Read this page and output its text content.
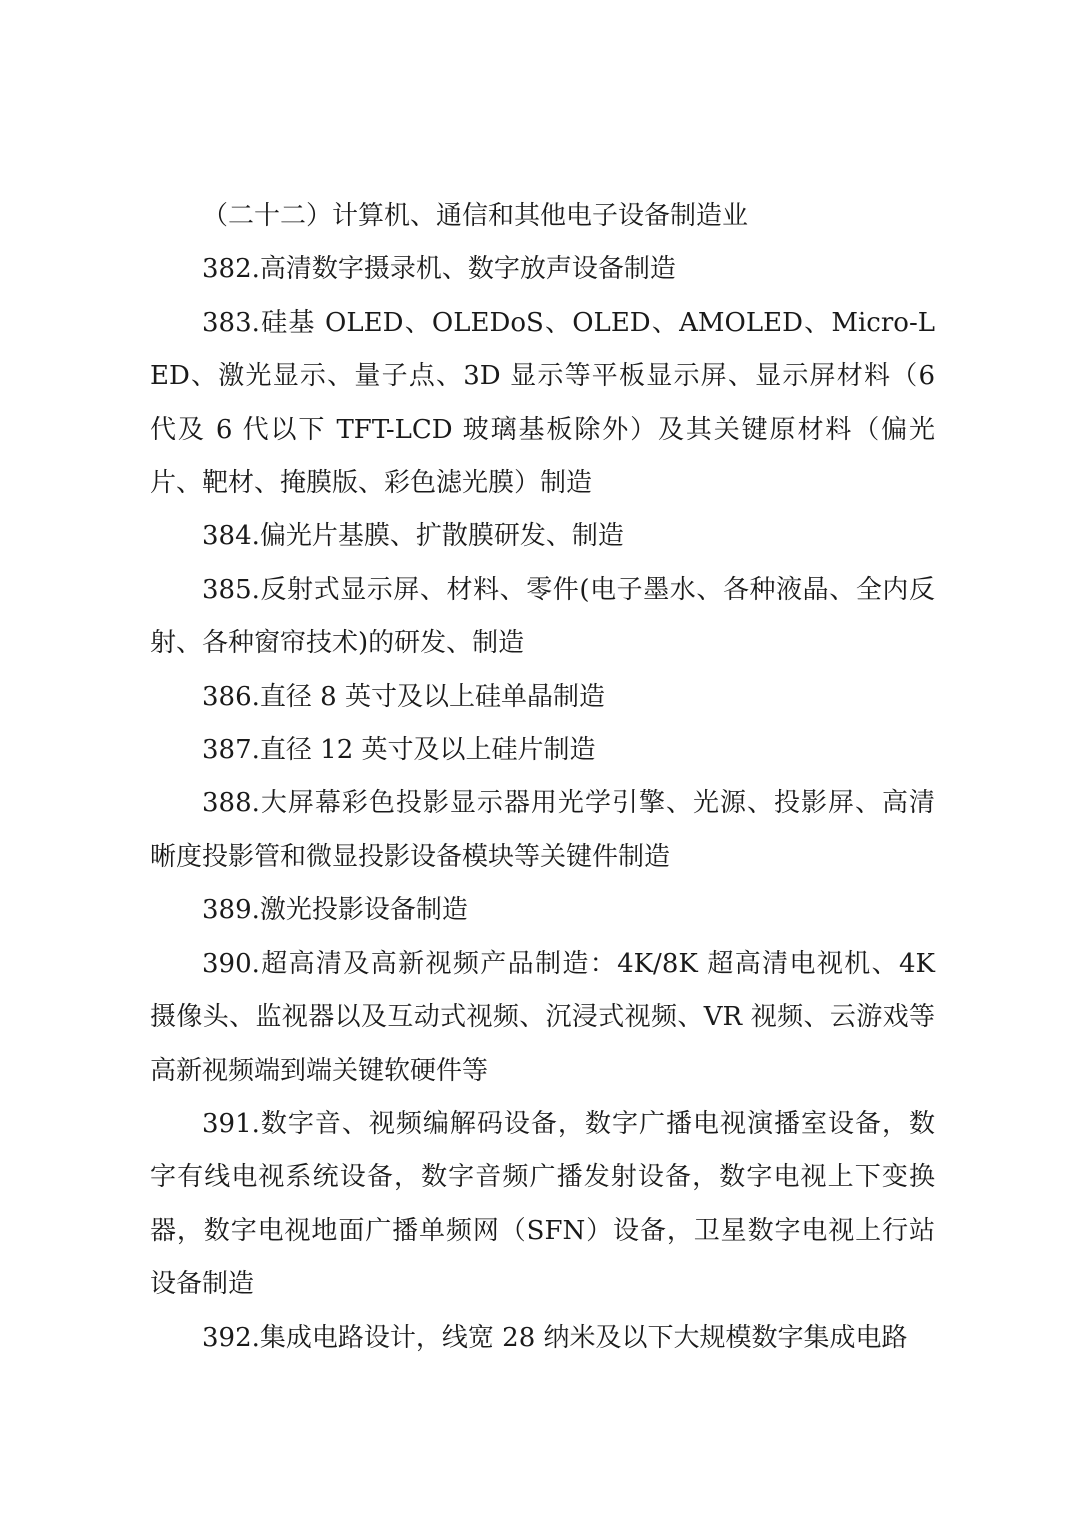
（二十二）计算机、通信和其他电子设备制造业

382.高清数字摄录机、数字放声设备制造

383.硅基 OLED、OLEDoS、OLED、AMOLED、Micro-LED、激光显示、量子点、3D 显示等平板显示屏、显示屏材料（6 代及 6 代以下 TFT-LCD 玻璃基板除外）及其关键原材料（偏光片、靶材、掩膜版、彩色滤光膜）制造

384.偏光片基膜、扩散膜研发、制造

385.反射式显示屏、材料、零件(电子墨水、各种液晶、全内反射、各种窗帘技术)的研发、制造

386.直径 8 英寸及以上硅单晶制造

387.直径 12 英寸及以上硅片制造

388.大屏幕彩色投影显示器用光学引擎、光源、投影屏、高清晰度投影管和微显投影设备模块等关键件制造

389.激光投影设备制造

390.超高清及高新视频产品制造：4K/8K 超高清电视机、4K 摄像头、监视器以及互动式视频、沉浸式视频、VR 视频、云游戏等高新视频端到端关键软硬件等

391.数字音、视频编解码设备，数字广播电视演播室设备，数字有线电视系统设备，数字音频广播发射设备，数字电视上下变换器，数字电视地面广播单频网（SFN）设备，卫星数字电视上行站设备制造

392.集成电路设计，线宽 28 纳米及以下大规模数字集成电路
